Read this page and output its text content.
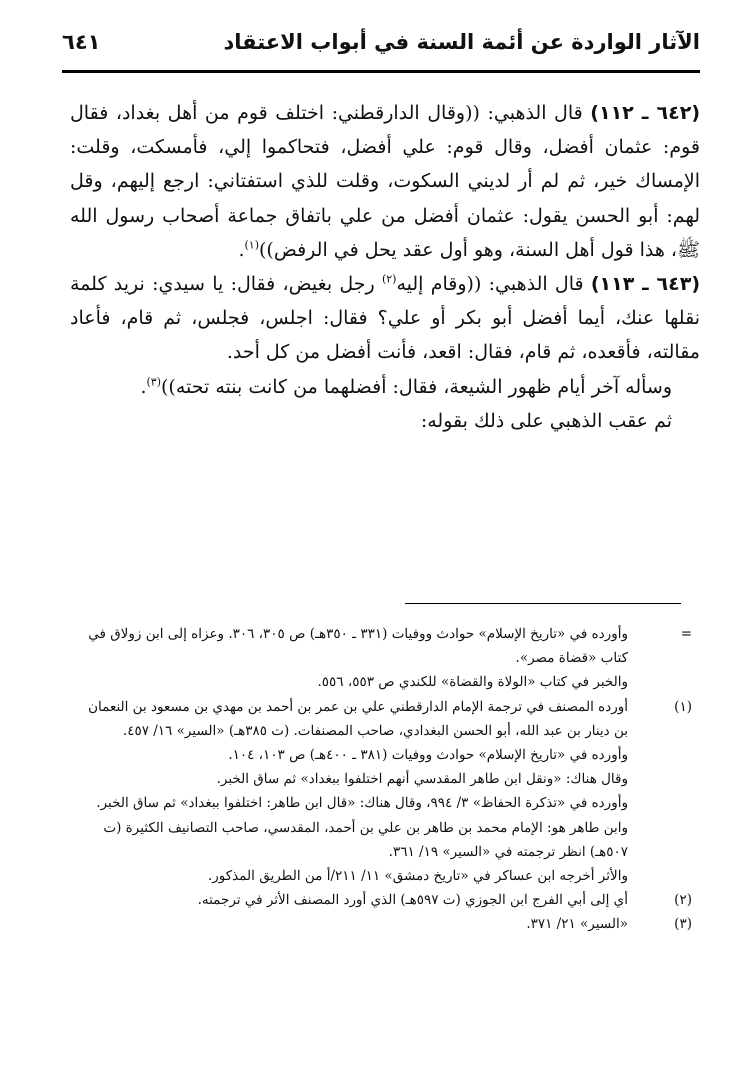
الآثار الواردة عن أئمة السنة في أبواب الاعتقاد
٦٤١

(٦٤٢ ـ ١١٢) قال الذهبي: ((وقال الدارقطني: اختلف قوم من أهل بغداد، فقال قوم: عثمان أفضل، وقال قوم: علي أفضل، فتحاكموا إلي، فأمسكت، وقلت: الإمساك خير، ثم لم أر لديني السكوت، وقلت للذي استفتاني: ارجع إليهم، وقل لهم: أبو الحسن يقول: عثمان أفضل من علي باتفاق جماعة أصحاب رسول الله ﷺ، هذا قول أهل السنة، وهو أول عقد يحل في الرفض))$^{(١)}$.

(٦٤٣ ـ ١١٣) قال الذهبي: ((وقام إليه$^{(٢)}$ رجل بغيض، فقال: يا سيدي: نريد كلمة نقلها عنك، أيما أفضل أبو بكر أو علي؟ فقال: اجلس، فجلس، ثم قام، فأعاد مقالته، فأقعده، ثم قام، فقال: اقعد، فأنت أفضل من كل أحد.

وسأله آخر أيام ظهور الشيعة، فقال: أفضلهما من كانت بنته تحته))$^{(٣)}$.

ثم عقب الذهبي على ذلك بقوله:

=

وأورده في «تاريخ الإسلام» حوادث ووفيات (٣٣١ ـ ٣٥٠هـ) ص ٣٠٥، ٣٠٦. وعزاه إلى ابن زولاق في كتاب «قضاة مصر».

والخبر في كتاب «الولاة والقضاة» للكندي ص ٥٥٣، ٥٥٦.

(١)

أورده المصنف في ترجمة الإمام الدارقطني علي بن عمر بن أحمد بن مهدي بن مسعود بن النعمان بن دينار بن عبد الله، أبو الحسن البغدادي، صاحب المصنفات. (ت ٣٨٥هـ) «السير» ١٦/ ٤٥٧.

وأورده في «تاريخ الإسلام» حوادث ووفيات (٣٨١ ـ ٤٠٠هـ) ص ١٠٣، ١٠٤.

وقال هناك: «ونقل ابن طاهر المقدسي أنهم اختلفوا ببغداد» ثم ساق الخبر.

وأورده في «تذكرة الحفاظ» ٣/ ٩٩٤، وقال هناك: «قال ابن طاهر: اختلفوا ببغداد» ثم ساق الخبر.

وابن طاهر هو: الإمام محمد بن طاهر بن علي بن أحمد، المقدسي، صاحب التصانيف الكثيرة (ت ٥٠٧هـ) انظر ترجمته في «السير» ١٩/ ٣٦١.

والأثر أخرجه ابن عساكر في «تاريخ دمشق» ١١/ ٢١١/أ من الطريق المذكور.

(٢)

أي إلى أبي الفرج ابن الجوزي (ت ٥٩٧هـ) الذي أورد المصنف الأثر في ترجمته.

(٣)

«السير» ٢١/ ٣٧١.
